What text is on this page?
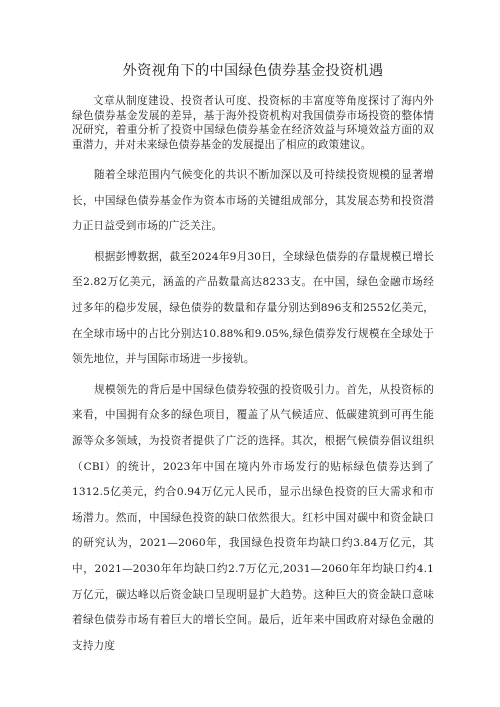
外资视角下的中国绿色债券基金投资机遇

文章从制度建设、投资者认可度、投资标的丰富度等角度探讨了海内外绿色债券基金发展的差异，基于海外投资机构对我国债券市场投资的整体情况研究，着重分析了投资中国绿色债券基金在经济效益与环境效益方面的双重潜力，并对未来绿色债券基金的发展提出了相应的政策建议。

随着全球范围内气候变化的共识不断加深以及可持续投资规模的显著增长，中国绿色债券基金作为资本市场的关键组成部分，其发展态势和投资潜力正日益受到市场的广泛关注。

根据彭博数据，截至2024年9月30日，全球绿色债券的存量规模已增长至2.82万亿美元，涵盖的产品数量高达8233支。在中国，绿色金融市场经过多年的稳步发展，绿色债券的数量和存量分别达到896支和2552亿美元，在全球市场中的占比分别达10.88%和9.05%,绿色债券发行规模在全球处于领先地位，并与国际市场进一步接轨。

规模领先的背后是中国绿色债券较强的投资吸引力。首先，从投资标的来看，中国拥有众多的绿色项目，覆盖了从气候适应、低碳建筑到可再生能源等众多领域，为投资者提供了广泛的选择。其次，根据气候债券倡议组织（CBI）的统计，2023年中国在境内外市场发行的贴标绿色债券达到了1312.5亿美元，约合0.94万亿元人民币，显示出绿色投资的巨大需求和市场潜力。然而，中国绿色投资的缺口依然很大。红杉中国对碳中和资金缺口的研究认为，2021—2060年，我国绿色投资年均缺口约3.84万亿元，其中，2021—2030年年均缺口约2.7万亿元,2031—2060年年均缺口约4.1万亿元，碳达峰以后资金缺口呈现明显扩大趋势。这种巨大的资金缺口意味着绿色债券市场有着巨大的增长空间。最后，近年来中国政府对绿色金融的支持力度
